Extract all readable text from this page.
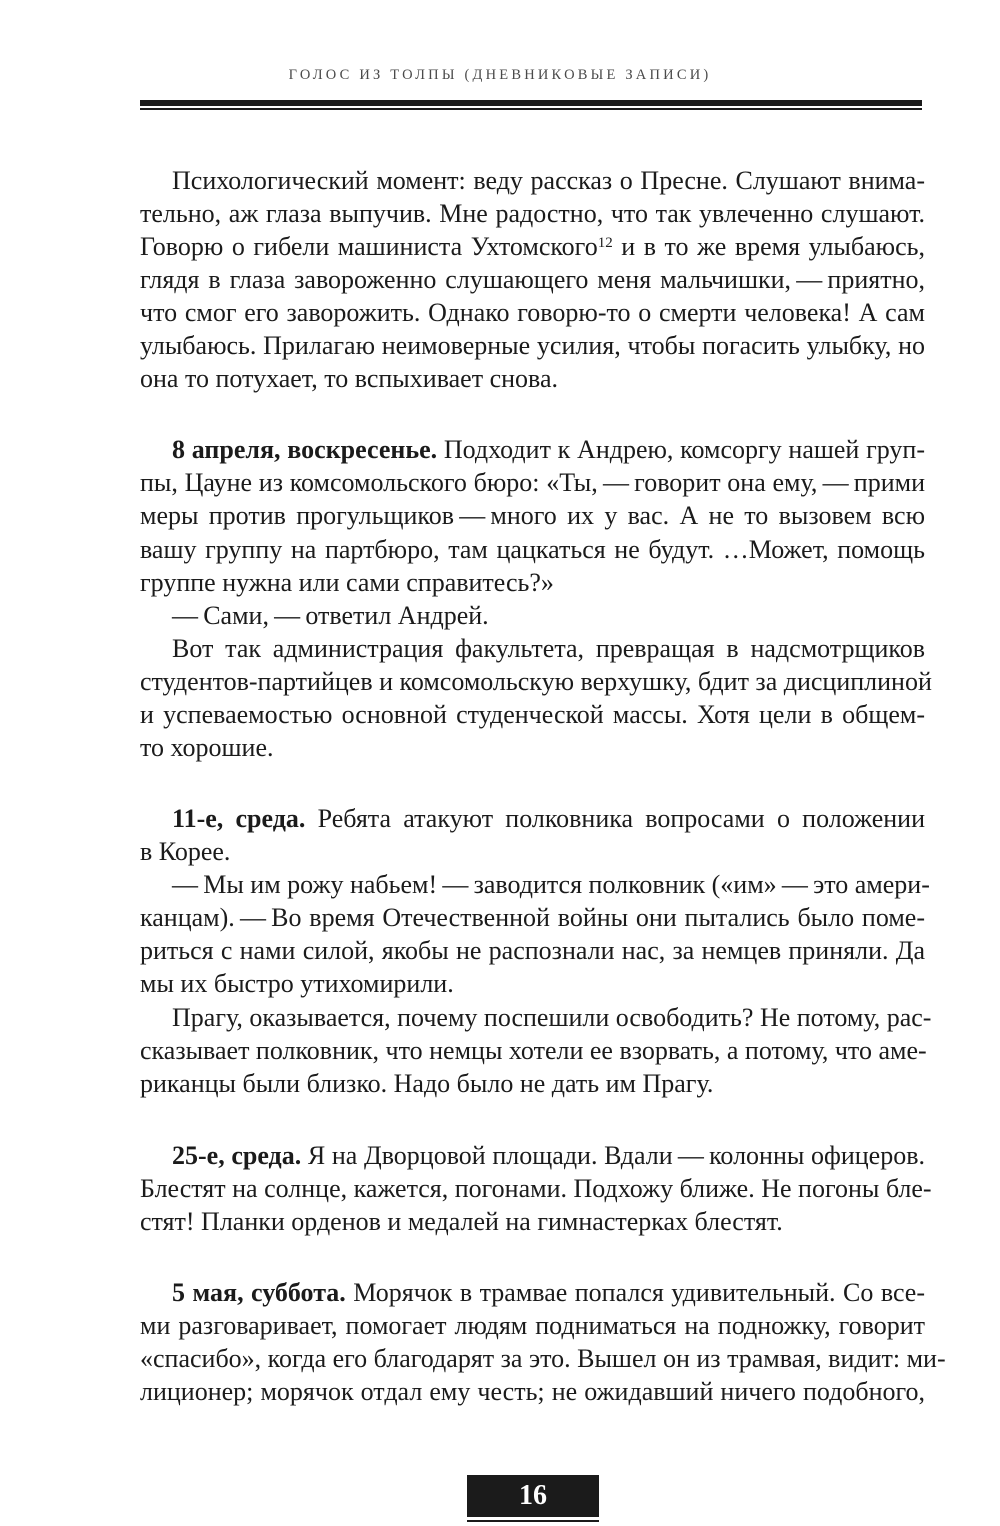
ГОЛОС ИЗ ТОЛПЫ (ДНЕВНИКОВЫЕ ЗАПИСИ)
Психологический момент: веду рассказ о Пресне. Слушают внима-
тельно, аж глаза выпучив. Мне радостно, что так увлеченно слушают.
Говорю о гибели машиниста Ухтомского$^{12}$ и в то же время улыбаюсь,
глядя в глаза завороженно слушающего меня мальчишки, — приятно,
что смог его заворожить. Однако говорю-то о смерти человека! А сам
улыбаюсь. Прилагаю неимоверные усилия, чтобы погасить улыбку, но
она то потухает, то вспыхивает снова.
8 апреля, воскресенье. Подходит к Андрею, комсоргу нашей груп-
пы, Цауне из комсомольского бюро: «Ты, — говорит она ему, — прими
меры против прогульщиков — много их у вас. А не то вызовем всю
вашу группу на партбюро, там цацкаться не будут. …Может, помощь
группе нужна или сами справитесь?»
— Сами, — ответил Андрей.
Вот так администрация факультета, превращая в надсмотрщиков
студентов-партийцев и комсомольскую верхушку, бдит за дисциплиной
и успеваемостью основной студенческой массы. Хотя цели в общем-
то хорошие.
11-е, среда. Ребята атакуют полковника вопросами о положении
в Корее.
— Мы им рожу набьем! — заводится полковник («им» — это амери-
канцам). — Во время Отечественной войны они пытались было поме-
риться с нами силой, якобы не распознали нас, за немцев приняли. Да
мы их быстро утихомирили.
Прагу, оказывается, почему поспешили освободить? Не потому, рас-
сказывает полковник, что немцы хотели ее взорвать, а потому, что аме-
риканцы были близко. Надо было не дать им Прагу.
25-е, среда. Я на Дворцовой площади. Вдали — колонны офицеров.
Блестят на солнце, кажется, погонами. Подхожу ближе. Не погоны бле-
стят! Планки орденов и медалей на гимнастерках блестят.
5 мая, суббота. Морячок в трамвае попался удивительный. Со все-
ми разговаривает, помогает людям подниматься на подножку, говорит
«спасибо», когда его благодарят за это. Вышел он из трамвая, видит: ми-
лиционер; морячок отдал ему честь; не ожидавший ничего подобного,
16
